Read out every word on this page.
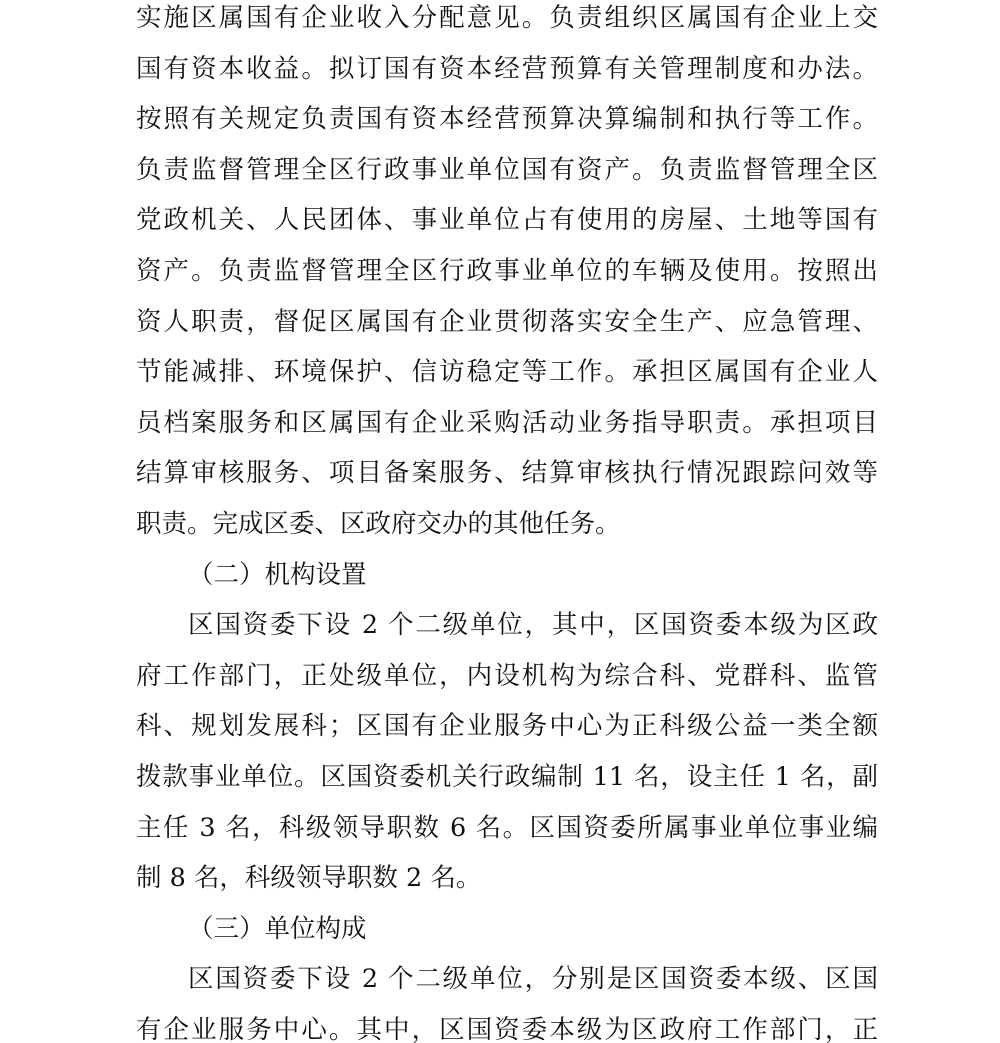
实施区属国有企业收入分配意见。负责组织区属国有企业上交
国有资本收益。拟订国有资本经营预算有关管理制度和办法。
按照有关规定负责国有资本经营预算决算编制和执行等工作。
负责监督管理全区行政事业单位国有资产。负责监督管理全区
党政机关、人民团体、事业单位占有使用的房屋、土地等国有
资产。负责监督管理全区行政事业单位的车辆及使用。按照出
资人职责，督促区属国有企业贯彻落实安全生产、应急管理、
节能减排、环境保护、信访稳定等工作。承担区属国有企业人
员档案服务和区属国有企业采购活动业务指导职责。承担项目
结算审核服务、项目备案服务、结算审核执行情况跟踪问效等
职责。完成区委、区政府交办的其他任务。
（二）机构设置
区国资委下设 2 个二级单位，其中，区国资委本级为区政
府工作部门，正处级单位，内设机构为综合科、党群科、监管
科、规划发展科；区国有企业服务中心为正科级公益一类全额
拨款事业单位。区国资委机关行政编制 11 名，设主任 1 名，副
主任 3 名，科级领导职数 6 名。区国资委所属事业单位事业编
制 8 名，科级领导职数 2 名。
（三）单位构成
区国资委下设 2 个二级单位，分别是区国资委本级、区国
有企业服务中心。其中，区国资委本级为区政府工作部门，正
